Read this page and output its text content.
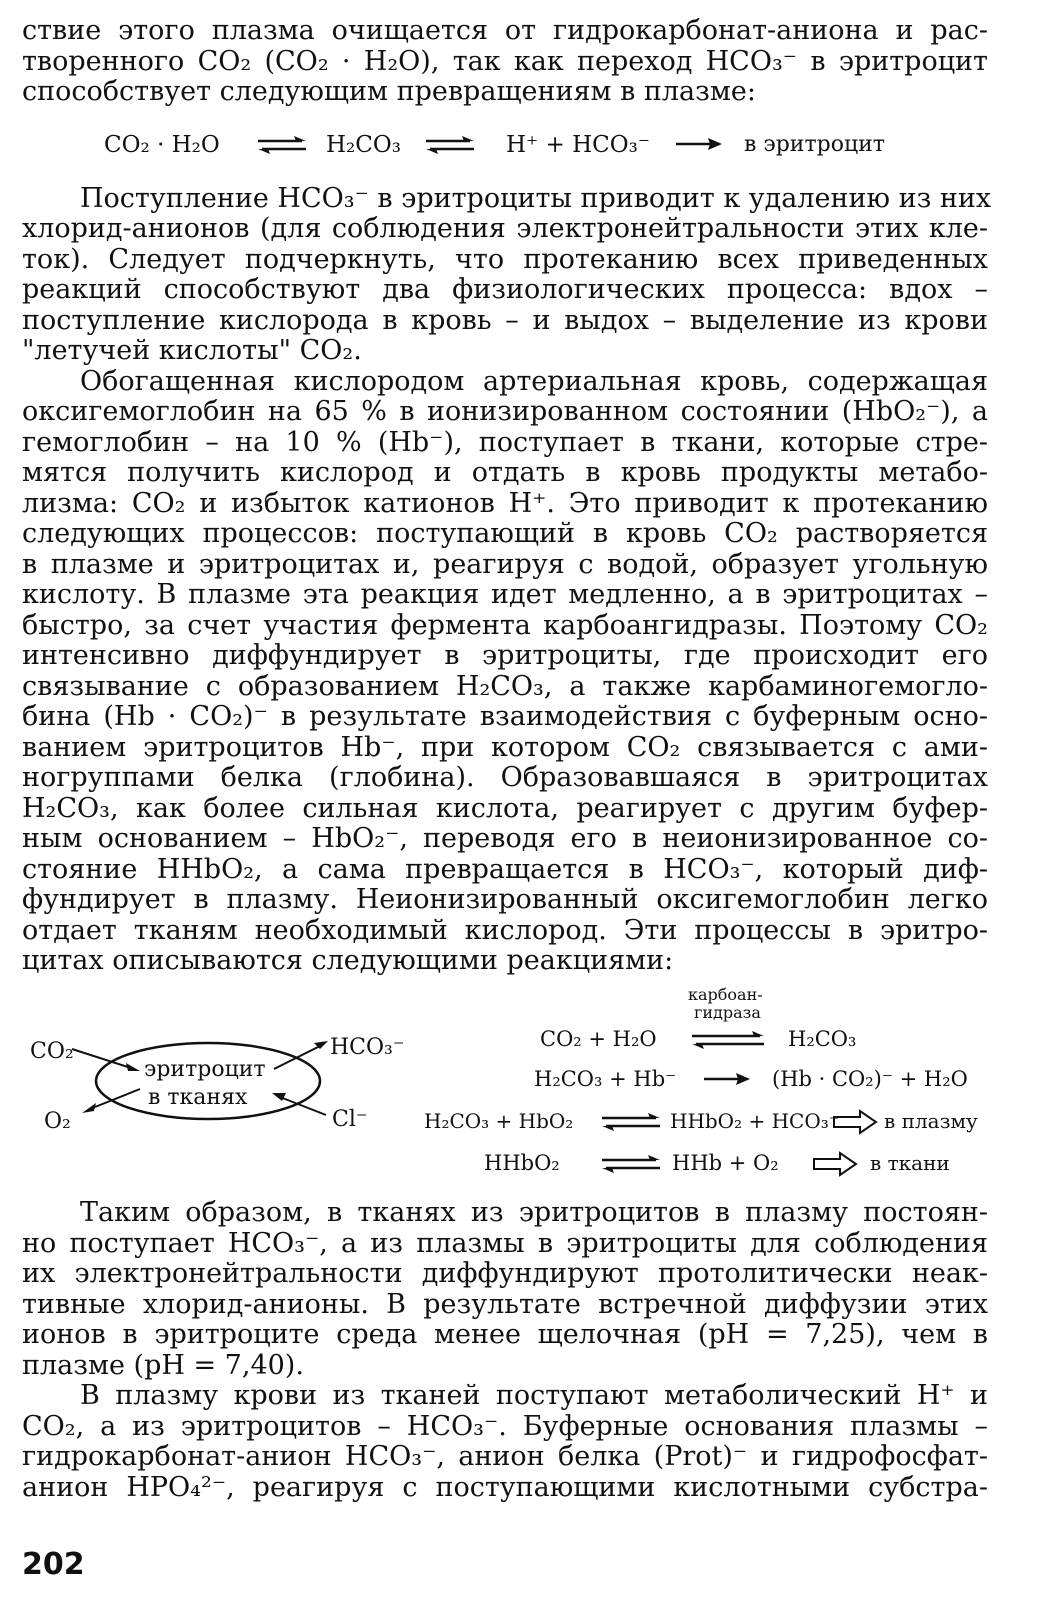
ствие этого плазма очищается от гидрокарбонат-аниона и рас-
творенного CO₂ (CO₂ · H₂O), так как переход HCO₃⁻ в эритроцит
способствует следующим превращениям в плазме:
Поступление HCO₃⁻ в эритроциты приводит к удалению из них
хлорид-анионов (для соблюдения электронейтральности этих кле-
ток). Следует подчеркнуть, что протеканию всех приведенных
реакций способствуют два физиологических процесса: вдох –
поступление кислорода в кровь – и выдох – выделение из крови
"летучей кислоты" CO₂.
Обогащенная кислородом артериальная кровь, содержащая
оксигемоглобин на 65 % в ионизированном состоянии (HbO₂⁻), а
гемоглобин – на 10 % (Hb⁻), поступает в ткани, которые стре-
мятся получить кислород и отдать в кровь продукты метабо-
лизма: CO₂ и избыток катионов H⁺. Это приводит к протеканию
следующих процессов: поступающий в кровь CO₂ растворяется
в плазме и эритроцитах и, реагируя с водой, образует угольную
кислоту. В плазме эта реакция идет медленно, а в эритроцитах –
быстро, за счет участия фермента карбоангидразы. Поэтому CO₂
интенсивно диффундирует в эритроциты, где происходит его
связывание с образованием H₂CO₃, а также карбаминогемогло-
бина (Hb · CO₂)⁻ в результате взаимодействия с буферным осно-
ванием эритроцитов Hb⁻, при котором CO₂ связывается с ами-
ногруппами белка (глобина). Образовавшаяся в эритроцитах
H₂CO₃, как более сильная кислота, реагирует с другим буфер-
ным основанием – HbO₂⁻, переводя его в неионизированное со-
стояние HHbO₂, а сама превращается в HCO₃⁻, который диф-
фундирует в плазму. Неионизированный оксигемоглобин легко
отдает тканям необходимый кислород. Эти процессы в эритро-
цитах описываются следующими реакциями:
CO₂ · H₂O ⇌ H₂CO₃ ⇌ H⁺ + HCO₃⁻	в эритроцит
CO₂
O₂
HCO₃⁻
Cl⁻
эритроцит
в тканях
карбоан-
гидраза
CO₂ + H₂O	H₂CO₃
H₂CO₃ + Hb⁻	(Hb · CO₂)⁻ + H₂O
H₂CO₃ + HbO₂ ⇌ HHbO₂ + HCO₃⁻ в плазму
HHbO₂	⇌ HHb + O₂	в ткани
Таким образом, в тканях из эритроцитов в плазму постоян-
но поступает HCO₃⁻, а из плазмы в эритроциты для соблюдения
их электронейтральности диффундируют протолитически неак-
тивные хлорид-анионы. В результате встречной диффузии этих
ионов в эритроците среда менее щелочная (pH = 7,25), чем в
плазме (pH = 7,40).
В плазму крови из тканей поступают метаболический H⁺ и
CO₂, а из эритроцитов – HCO₃⁻. Буферные основания плазмы –
гидрокарбонат-анион HCO₃⁻, анион белка (Prot)⁻ и гидрофосфат-
анион HPO₄²⁻, реагируя с поступающими кислотными субстра-
202
